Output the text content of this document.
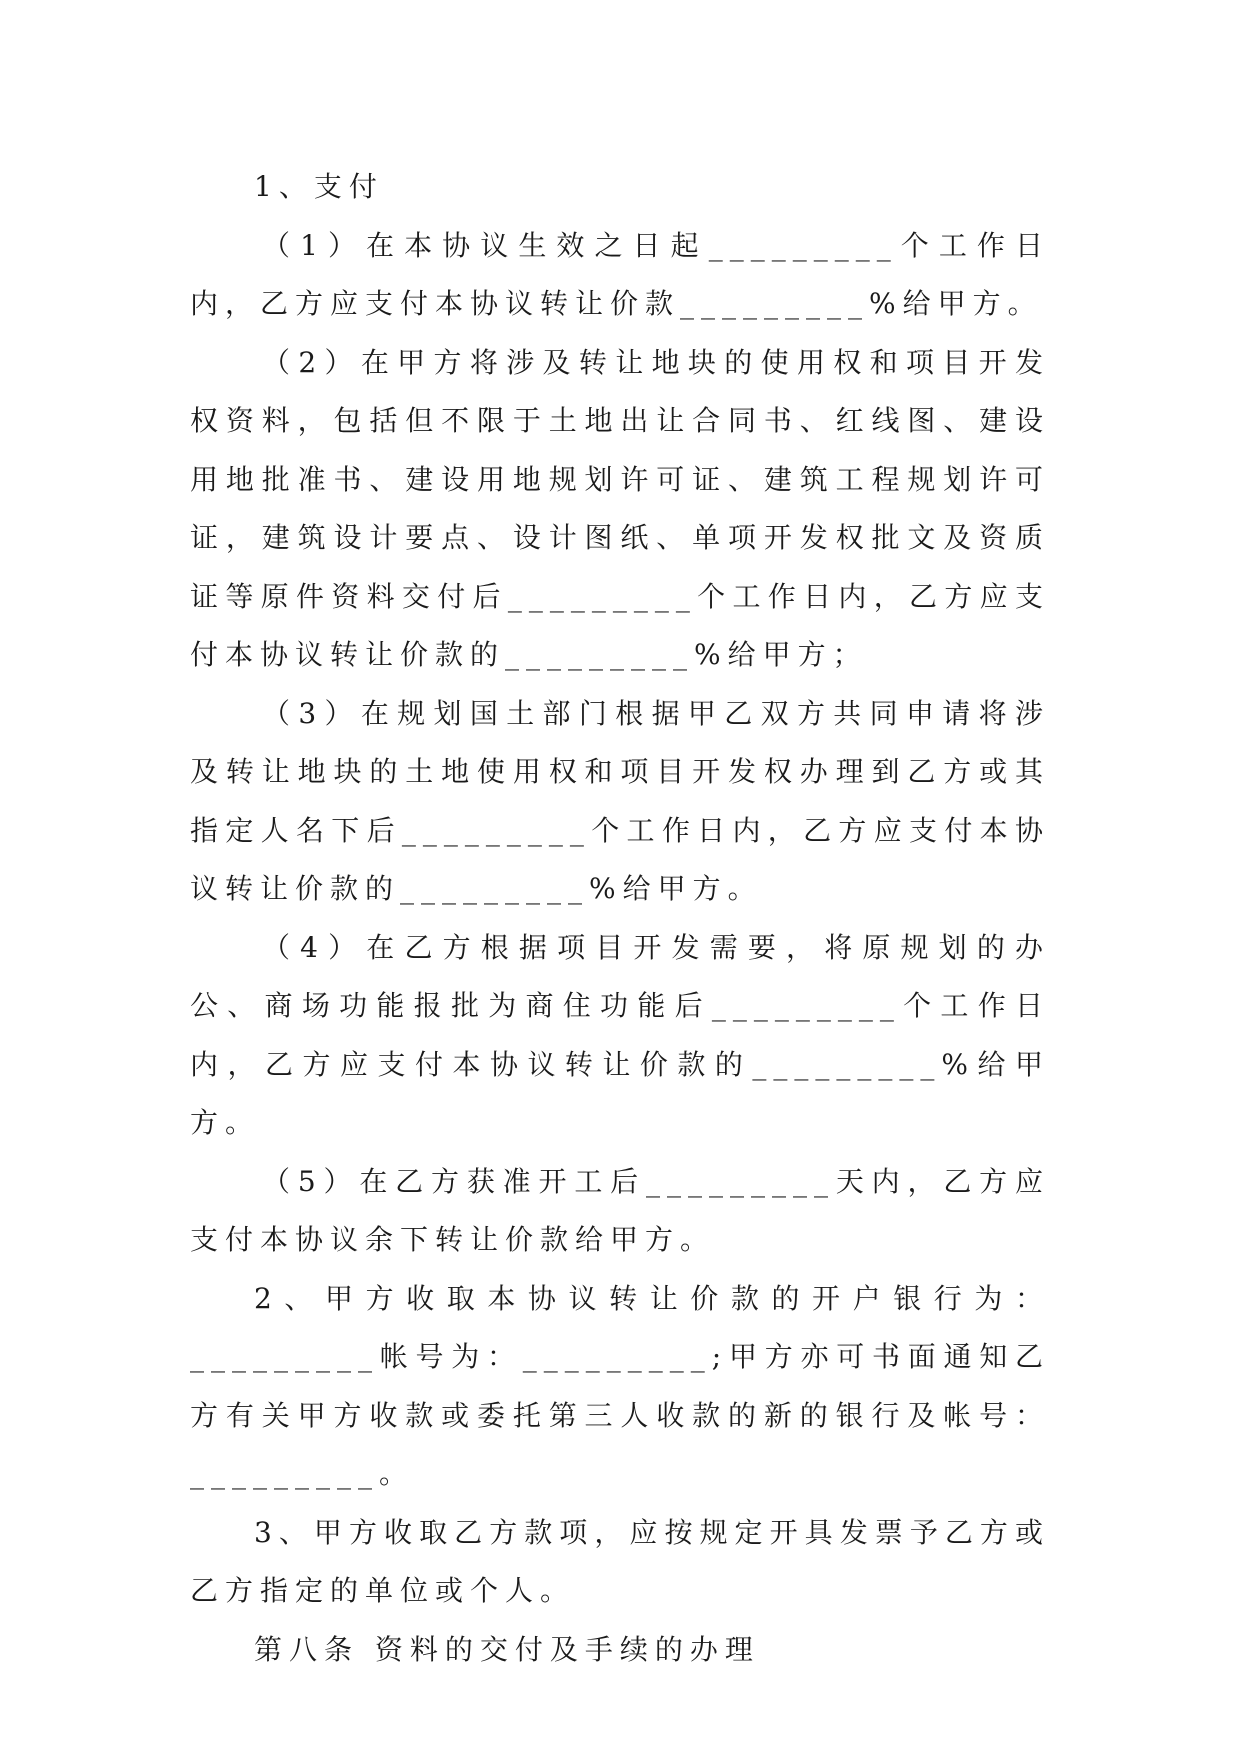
1、支付

（1）在本协议生效之日起_________个工作日内，乙方应支付本协议转让价款_________%给甲方。

（2）在甲方将涉及转让地块的使用权和项目开发权资料，包括但不限于土地出让合同书、红线图、建设用地批准书、建设用地规划许可证、建筑工程规划许可证，建筑设计要点、设计图纸、单项开发权批文及资质证等原件资料交付后_________个工作日内，乙方应支付本协议转让价款的_________%给甲方；

（3）在规划国土部门根据甲乙双方共同申请将涉及转让地块的土地使用权和项目开发权办理到乙方或其指定人名下后_________个工作日内，乙方应支付本协议转让价款的_________%给甲方。

（4）在乙方根据项目开发需要，将原规划的办公、商场功能报批为商住功能后_________个工作日内，乙方应支付本协议转让价款的_________%给甲方。

（5）在乙方获准开工后_________天内，乙方应支付本协议余下转让价款给甲方。

2、甲方收取本协议转让价款的开户银行为：_________帐号为：_________;甲方亦可书面通知乙方有关甲方收款或委托第三人收款的新的银行及帐号：_________。

3、甲方收取乙方款项，应按规定开具发票予乙方或乙方指定的单位或个人。

第八条 资料的交付及手续的办理
